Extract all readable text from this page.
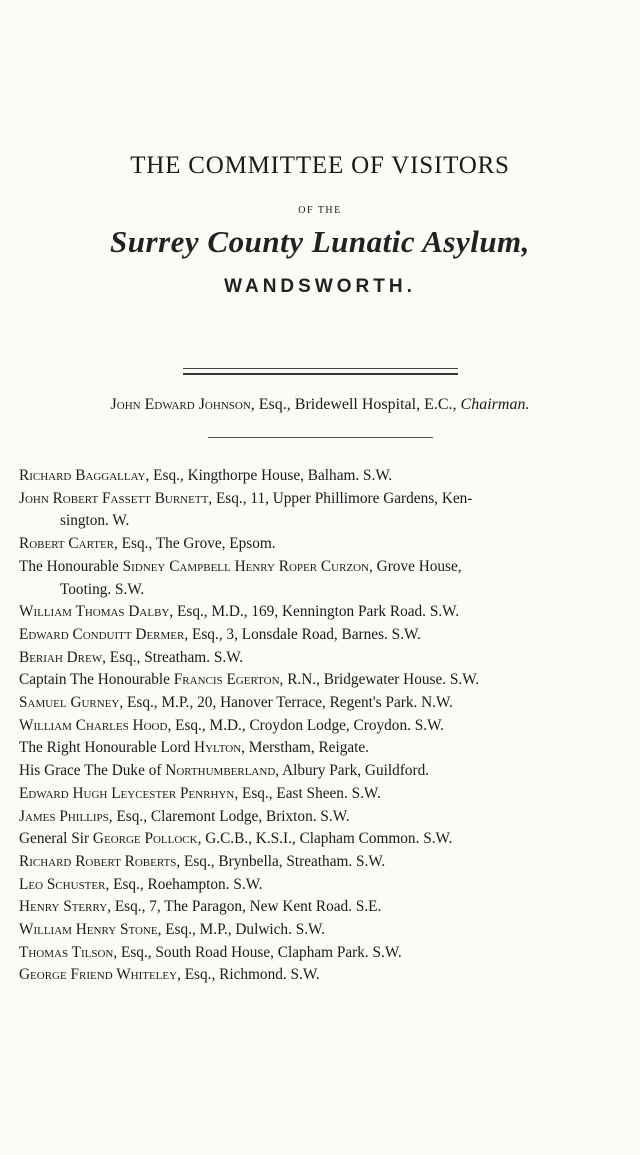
THE COMMITTEE OF VISITORS
OF THE
Surrey County Lunatic Asylum,
WANDSWORTH.
John Edward Johnson, Esq., Bridewell Hospital, E.C., Chairman.
Richard Baggallay, Esq., Kingthorpe House, Balham. S.W.
John Robert Fassett Burnett, Esq., 11, Upper Phillimore Gardens, Ken-
sington. W.
Robert Carter, Esq., The Grove, Epsom.
The Honourable Sidney Campbell Henry Roper Curzon, Grove House,
Tooting. S.W.
William Thomas Dalby, Esq., M.D., 169, Kennington Park Road. S.W.
Edward Conduitt Dermer, Esq., 3, Lonsdale Road, Barnes. S.W.
Beriah Drew, Esq., Streatham. S.W.
Captain The Honourable Francis Egerton, R.N., Bridgewater House. S.W.
Samuel Gurney, Esq., M.P., 20, Hanover Terrace, Regent's Park. N.W.
William Charles Hood, Esq., M.D., Croydon Lodge, Croydon. S.W.
The Right Honourable Lord Hylton, Merstham, Reigate.
His Grace The Duke of Northumberland, Albury Park, Guildford.
Edward Hugh Leycester Penrhyn, Esq., East Sheen. S.W.
James Phillips, Esq., Claremont Lodge, Brixton. S.W.
General Sir George Pollock, G.C.B., K.S.I., Clapham Common. S.W.
Richard Robert Roberts, Esq., Brynbella, Streatham. S.W.
Leo Schuster, Esq., Roehampton. S.W.
Henry Sterry, Esq., 7, The Paragon, New Kent Road. S.E.
William Henry Stone, Esq., M.P., Dulwich. S.W.
Thomas Tilson, Esq., South Road House, Clapham Park. S.W.
George Friend Whiteley, Esq., Richmond. S.W.
